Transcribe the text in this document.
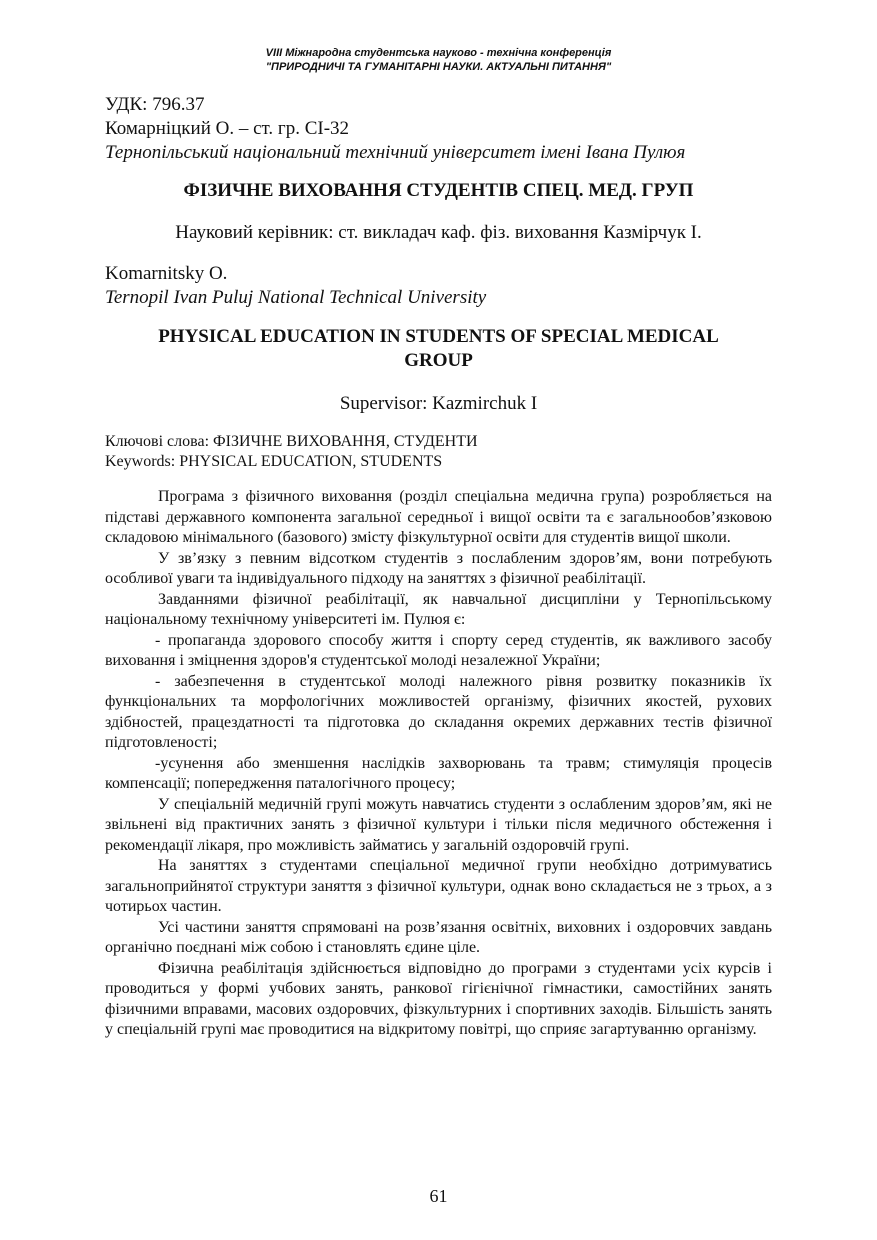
VIII Міжнародна студентська науково - технічна конференція
"ПРИРОДНИЧІ ТА ГУМАНІТАРНІ НАУКИ. АКТУАЛЬНІ ПИТАННЯ"
УДК: 796.37
Комарніцкий О. – ст. гр. СІ-32
Тернопільський національний технічний університет імені Івана Пулюя
ФІЗИЧНЕ ВИХОВАННЯ СТУДЕНТІВ СПЕЦ. МЕД. ГРУП
Науковий керівник: ст. викладач каф. фіз. виховання Казмірчук І.
Komarnitsky O.
Ternopil Ivan Puluj National Technical University
PHYSICAL EDUCATION IN STUDENTS OF SPECIAL MEDICAL
GROUP
Supervisor: Kazmirchuk I
Ключові слова: ФІЗИЧНЕ ВИХОВАННЯ, СТУДЕНТИ
Keywords: PHYSICAL EDUCATION, STUDENTS

Програма з фізичного виховання (розділ спеціальна медична група) розробляється на підставі державного компонента загальної середньої і вищої освіти та є загальнообов’язковою складовою мінімального (базового) змісту фізкультурної освіти для студентів вищої школи.

У зв’язку з певним відсотком студентів з послабленим здоров’ям, вони потребують особливої уваги та індивідуального підходу на заняттях з фізичної реабілітації.

Завданнями фізичної реабілітації, як навчальної дисципліни у Тернопільському національному технічному університеті ім. Пулюя є:

- пропаганда здорового способу життя і спорту серед студентів, як важливого засобу виховання і зміцнення здоров'я студентської молоді незалежної України;

- забезпечення в студентської молоді належного рівня розвитку показників їх функціональних та морфологічних можливостей організму, фізичних якостей, рухових здібностей, працездатності та підготовка до складання окремих державних тестів фізичної підготовленості;

-усунення або зменшення наслідків захворювань та травм; стимуляція процесів компенсації; попередження паталогічного процесу;

У спеціальній медичній групі можуть навчатись студенти з ослабленим здоров’ям, які не звільнені від практичних занять з фізичної культури і тільки після медичного обстеження і рекомендації лікаря, про можливість займатись у загальній оздоровчій групі.

На заняттях з студентами спеціальної медичної групи необхідно дотримуватись загальноприйнятої структури заняття з фізичної культури, однак воно складається не з трьох, а з чотирьох частин.

Усі частини заняття спрямовані на розв’язання освітніх, виховних і оздоровчих завдань органічно поєднані між собою і становлять єдине ціле.

Фізична реабілітація здійснюється відповідно до програми з студентами усіх курсів і проводиться у формі учбових занять, ранкової гігієнічної гімнастики, самостійних занять фізичними вправами, масових оздоровчих, фізкультурних і спортивних заходів. Більшість занять у спеціальній групі має проводитися на відкритому повітрі, що сприяє загартуванню організму.

61
